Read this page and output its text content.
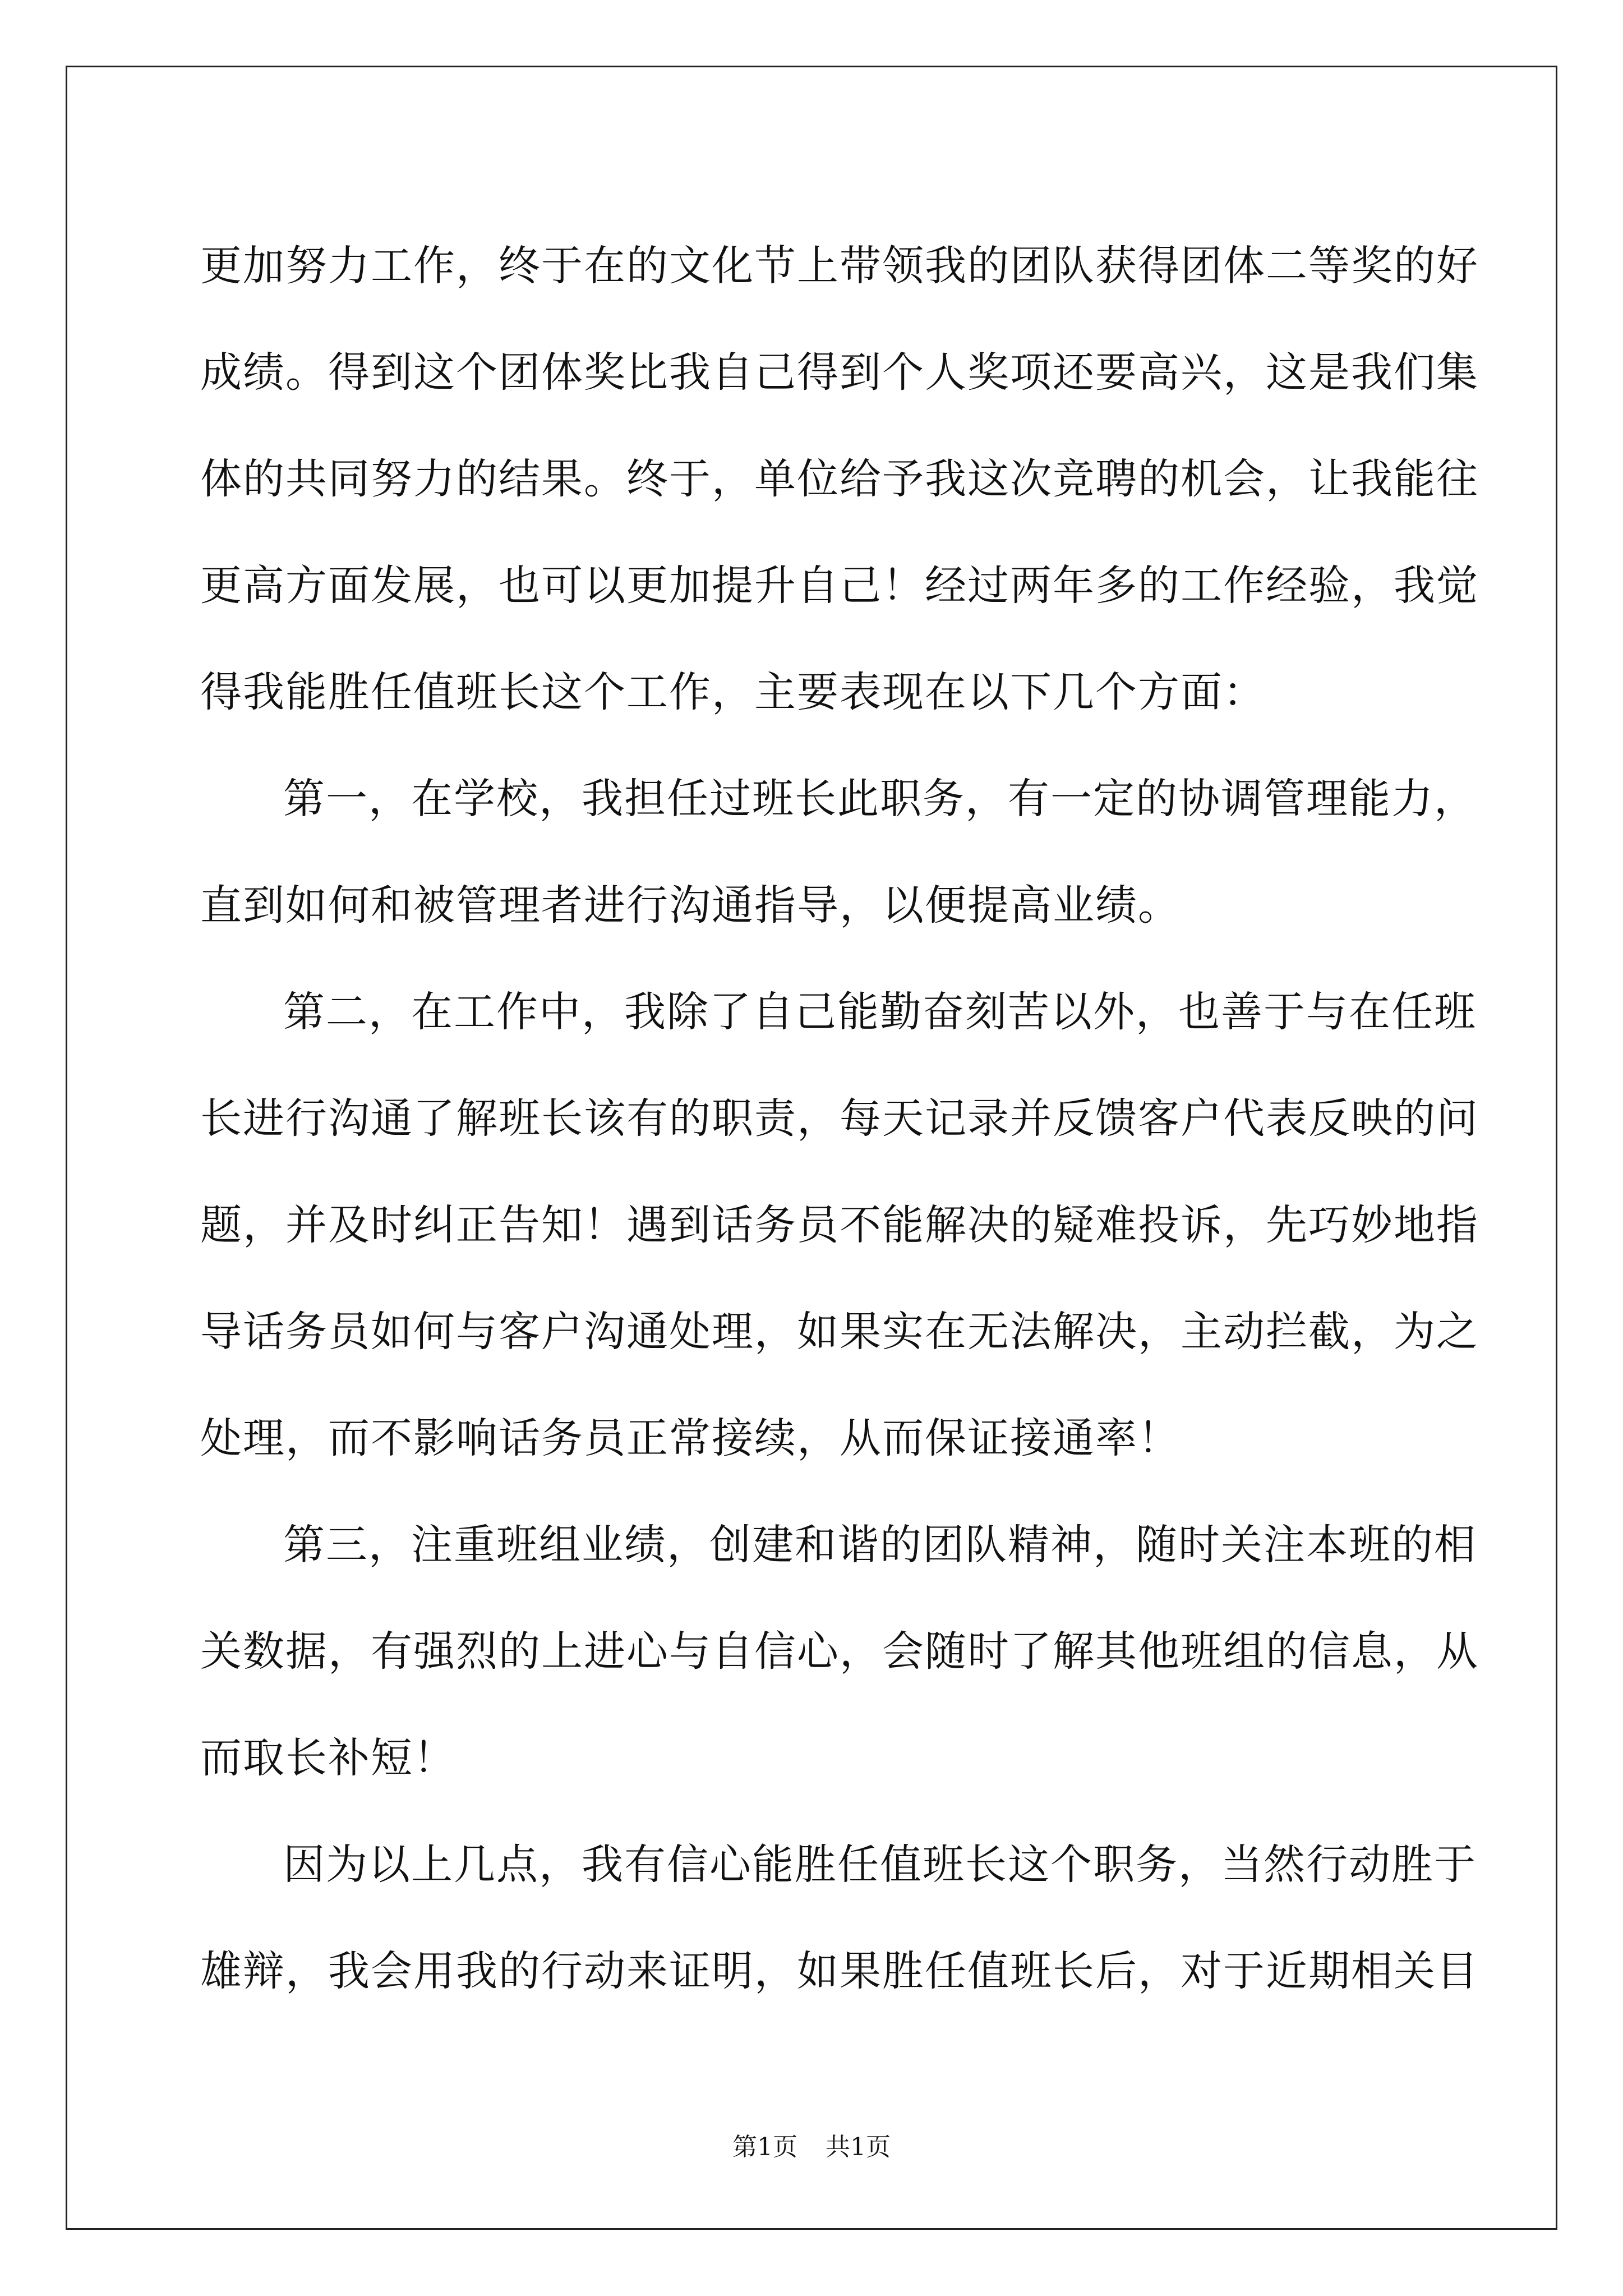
更加努力工作，终于在的文化节上带领我的团队获得团体二等奖的好
成绩。得到这个团体奖比我自己得到个人奖项还要高兴，这是我们集
体的共同努力的结果。终于，单位给予我这次竞聘的机会，让我能往
更高方面发展，也可以更加提升自己！经过两年多的工作经验，我觉
得我能胜任值班长这个工作，主要表现在以下几个方面：
第一，在学校，我担任过班长此职务，有一定的协调管理能力，
直到如何和被管理者进行沟通指导，以便提高业绩。
第二，在工作中，我除了自己能勤奋刻苦以外，也善于与在任班
长进行沟通了解班长该有的职责，每天记录并反馈客户代表反映的问
题，并及时纠正告知！遇到话务员不能解决的疑难投诉，先巧妙地指
导话务员如何与客户沟通处理，如果实在无法解决，主动拦截，为之
处理，而不影响话务员正常接续，从而保证接通率！
第三，注重班组业绩，创建和谐的团队精神，随时关注本班的相
关数据，有强烈的上进心与自信心，会随时了解其他班组的信息，从
而取长补短！
因为以上几点，我有信心能胜任值班长这个职务，当然行动胜于
雄辩，我会用我的行动来证明，如果胜任值班长后，对于近期相关目
第1页 共1页
